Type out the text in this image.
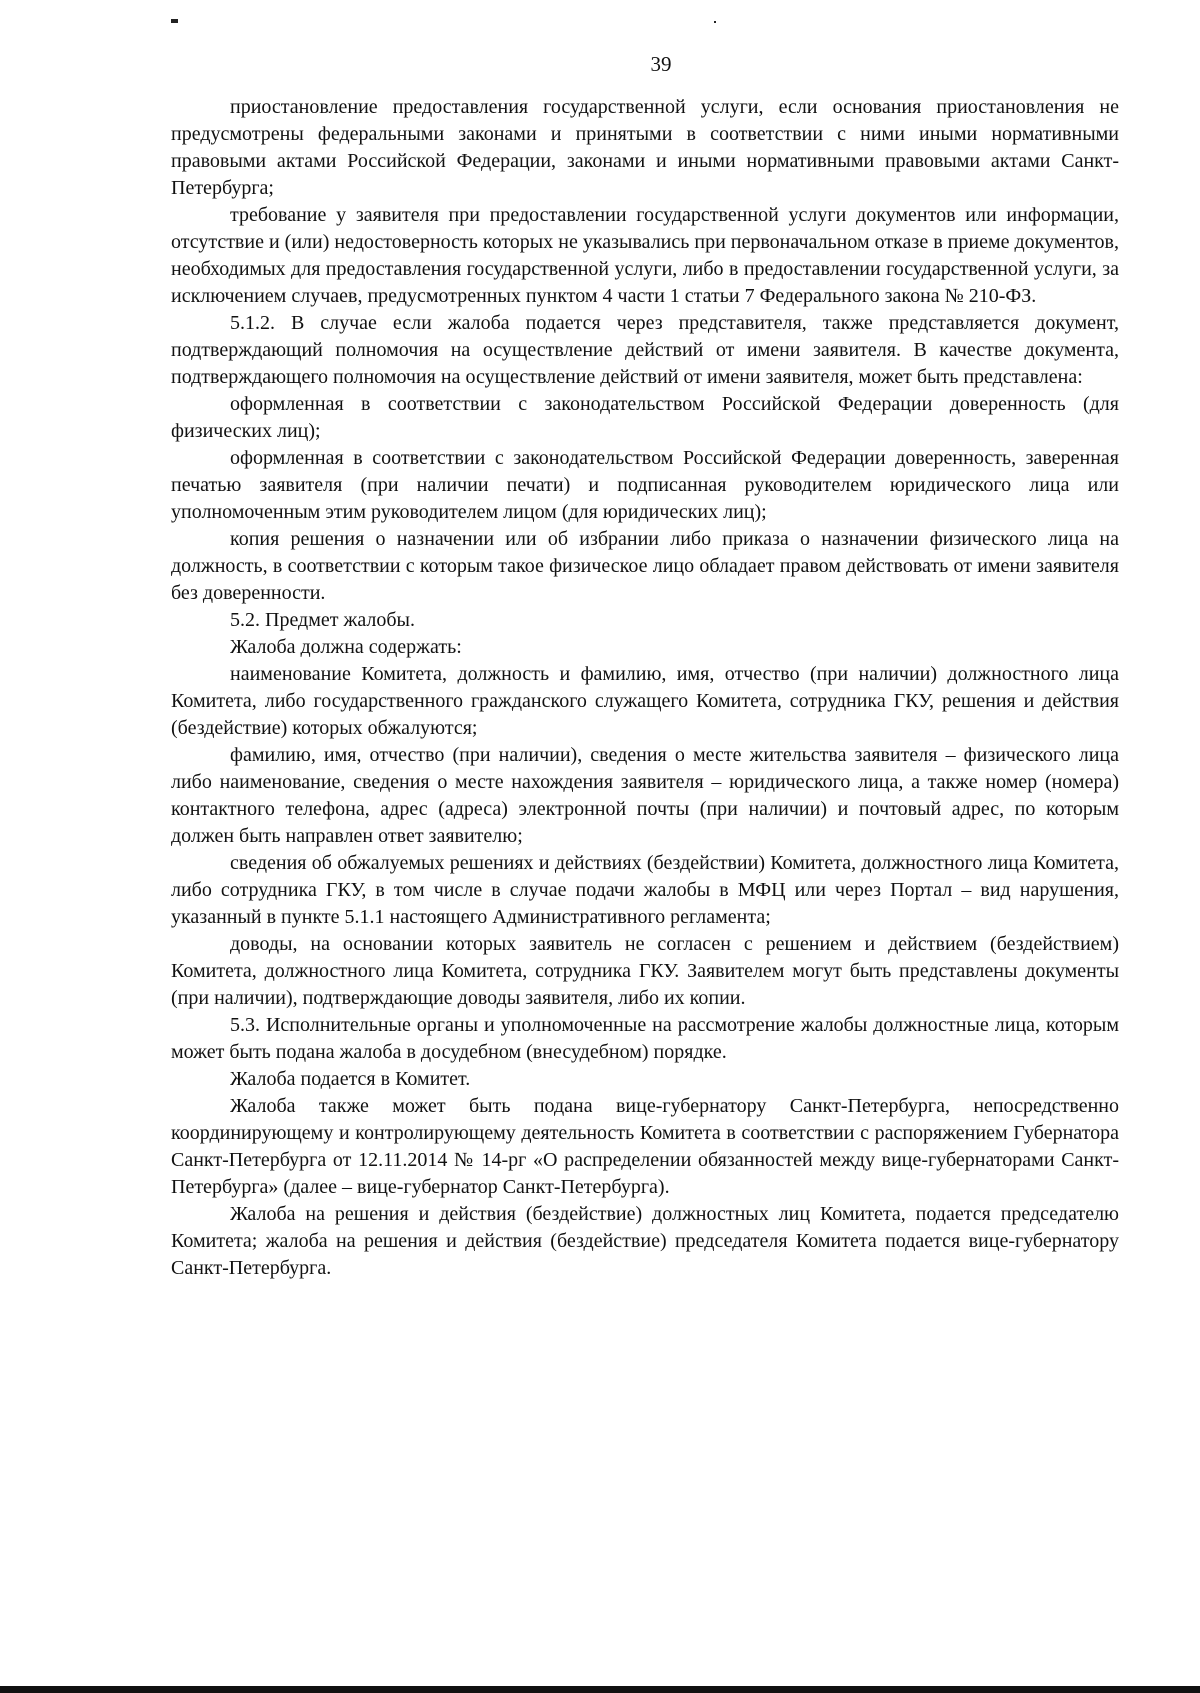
39

приостановление предоставления государственной услуги, если основания приостановления не предусмотрены федеральными законами и принятыми в соответствии с ними иными нормативными правовыми актами Российской Федерации, законами и иными нормативными правовыми актами Санкт-Петербурга;

требование у заявителя при предоставлении государственной услуги документов или информации, отсутствие и (или) недостоверность которых не указывались при первоначальном отказе в приеме документов, необходимых для предоставления государственной услуги, либо в предоставлении государственной услуги, за исключением случаев, предусмотренных пунктом 4 части 1 статьи 7 Федерального закона № 210-ФЗ.

5.1.2. В случае если жалоба подается через представителя, также представляется документ, подтверждающий полномочия на осуществление действий от имени заявителя. В качестве документа, подтверждающего полномочия на осуществление действий от имени заявителя, может быть представлена:

оформленная в соответствии с законодательством Российской Федерации доверенность (для физических лиц);

оформленная в соответствии с законодательством Российской Федерации доверенность, заверенная печатью заявителя (при наличии печати) и подписанная руководителем юридического лица или уполномоченным этим руководителем лицом (для юридических лиц);

копия решения о назначении или об избрании либо приказа о назначении физического лица на должность, в соответствии с которым такое физическое лицо обладает правом действовать от имени заявителя без доверенности.

5.2. Предмет жалобы.

Жалоба должна содержать:

наименование Комитета, должность и фамилию, имя, отчество (при наличии) должностного лица Комитета, либо государственного гражданского служащего Комитета, сотрудника ГКУ, решения и действия (бездействие) которых обжалуются;

фамилию, имя, отчество (при наличии), сведения о месте жительства заявителя – физического лица либо наименование, сведения о месте нахождения заявителя – юридического лица, а также номер (номера) контактного телефона, адрес (адреса) электронной почты (при наличии) и почтовый адрес, по которым должен быть направлен ответ заявителю;

сведения об обжалуемых решениях и действиях (бездействии) Комитета, должностного лица Комитета, либо сотрудника ГКУ, в том числе в случае подачи жалобы в МФЦ или через Портал – вид нарушения, указанный в пункте 5.1.1 настоящего Административного регламента;

доводы, на основании которых заявитель не согласен с решением и действием (бездействием) Комитета, должностного лица Комитета, сотрудника ГКУ. Заявителем могут быть представлены документы (при наличии), подтверждающие доводы заявителя, либо их копии.

5.3. Исполнительные органы и уполномоченные на рассмотрение жалобы должностные лица, которым может быть подана жалоба в досудебном (внесудебном) порядке.

Жалоба подается в Комитет.

Жалоба также может быть подана вице-губернатору Санкт-Петербурга, непосредственно координирующему и контролирующему деятельность Комитета в соответствии с распоряжением Губернатора Санкт-Петербурга от 12.11.2014 № 14-рг «О распределении обязанностей между вице-губернаторами Санкт-Петербурга» (далее – вице-губернатор Санкт-Петербурга).

Жалоба на решения и действия (бездействие) должностных лиц Комитета, подается председателю Комитета; жалоба на решения и действия (бездействие) председателя Комитета подается вице-губернатору Санкт-Петербурга.
